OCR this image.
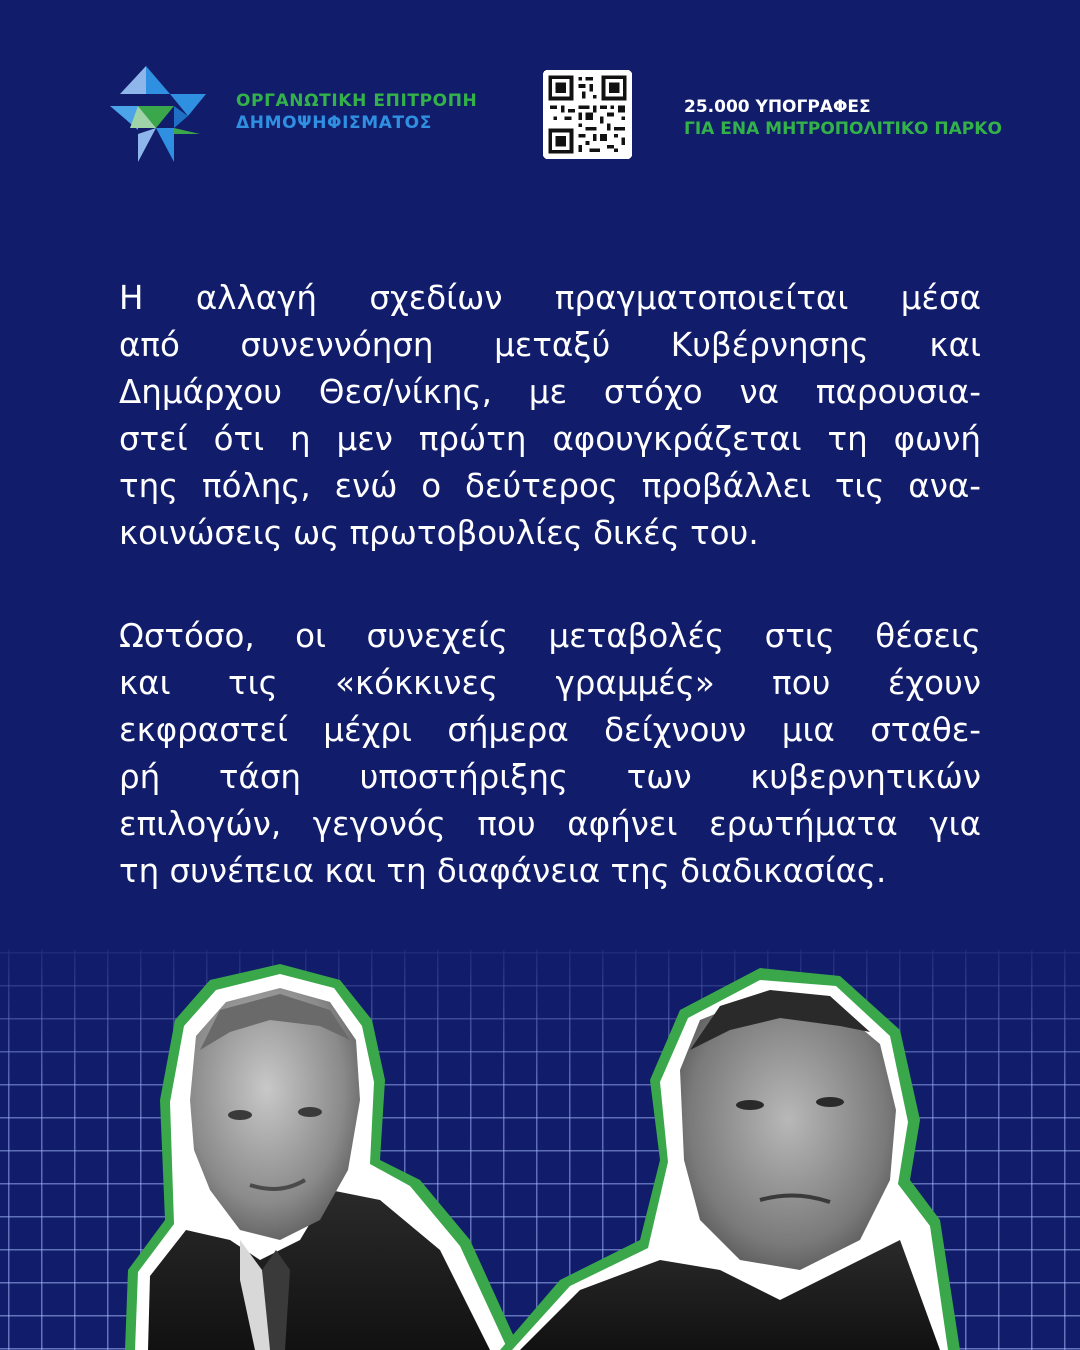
ΟΡΓΑΝΩΤΙΚΗ ΕΠΙΤΡΟΠΗ
ΔΗΜΟΨΗΦΙΣΜΑΤΟΣ
25.000 ΥΠΟΓΡΑΦΕΣ
ΓΙΑ ΕΝΑ ΜΗΤΡΟΠΟΛΙΤΙΚΟ ΠΑΡΚΟ

Η αλλαγή σχεδίων πραγματοποιείται μέσα
από συνεννόηση μεταξύ Κυβέρνησης και
Δημάρχου Θεσ/νίκης, με στόχο να παρουσια-
στεί ότι η μεν πρώτη αφουγκράζεται τη φωνή
της πόλης, ενώ ο δεύτερος προβάλλει τις ανα-
κοινώσεις ως πρωτοβουλίες δικές του.

Ωστόσο, οι συνεχείς μεταβολές στις θέσεις
και τις «κόκκινες γραμμές» που έχουν
εκφραστεί μέχρι σήμερα δείχνουν μια σταθε-
ρή τάση υποστήριξης των κυβερνητικών
επιλογών, γεγονός που αφήνει ερωτήματα για
τη συνέπεια και τη διαφάνεια της διαδικασίας.
